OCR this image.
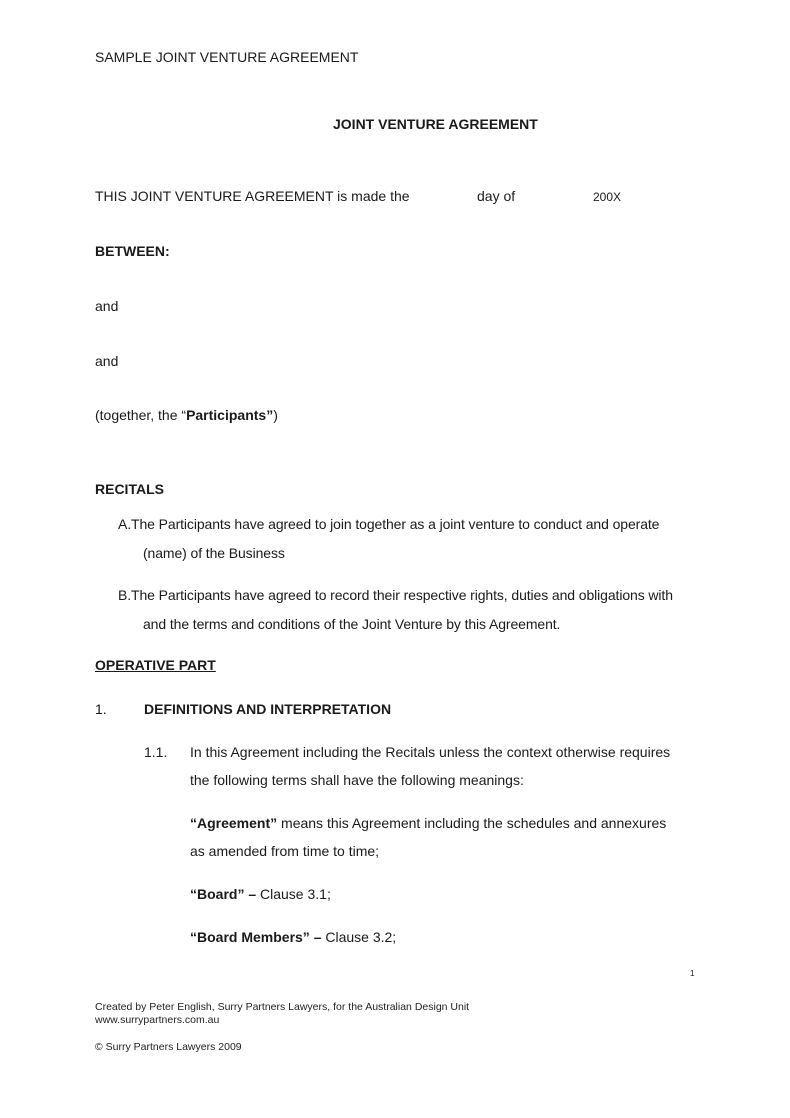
SAMPLE JOINT VENTURE AGREEMENT
JOINT VENTURE AGREEMENT
THIS JOINT VENTURE AGREEMENT is made the	day of	200X
BETWEEN:
and
and
(together, the “Participants”)
RECITALS
A.The Participants have agreed to join together as a joint venture to conduct and operate
(name) of the Business
B.The Participants have agreed to record their respective rights, duties and obligations with
and the terms and conditions of the Joint Venture by this Agreement.
OPERATIVE PART
1.	DEFINITIONS AND INTERPRETATION
1.1. In this Agreement including the Recitals unless the context otherwise requires
the following terms shall have the following meanings:
“Agreement” means this Agreement including the schedules and annexures
as amended from time to time;
“Board” – Clause 3.1;
“Board Members” – Clause 3.2;
1
Created by Peter English, Surry Partners Lawyers, for the Australian Design Unit
www.surrypartners.com.au
© Surry Partners Lawyers 2009
